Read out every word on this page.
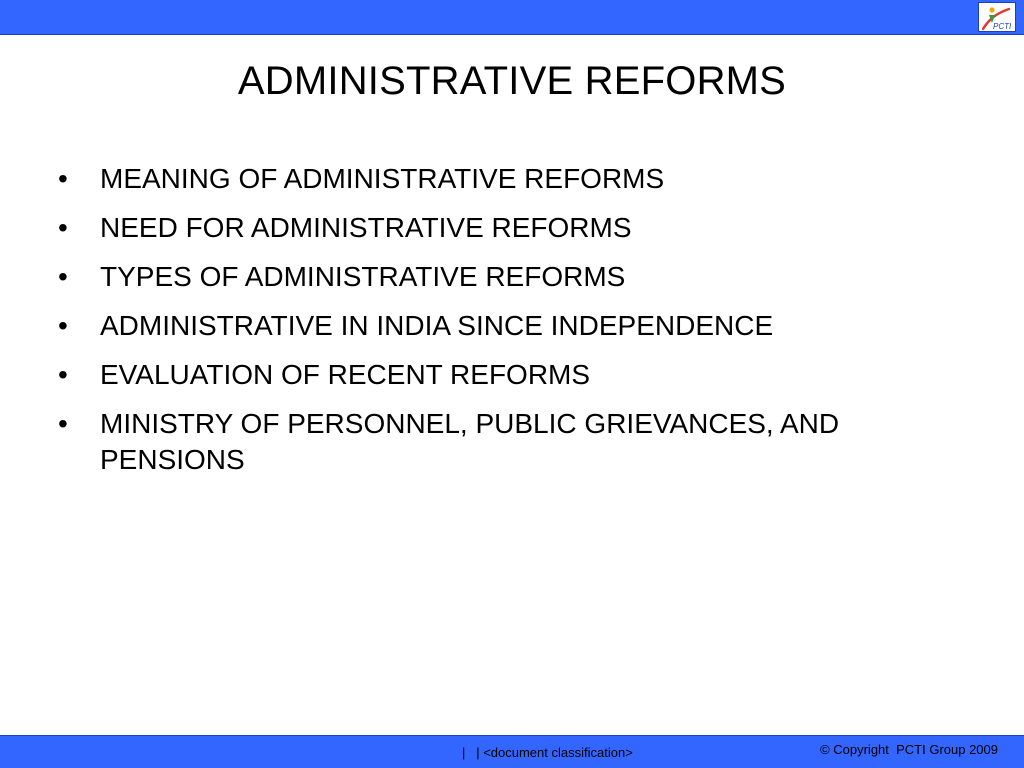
PCTI
ADMINISTRATIVE REFORMS
•	MEANING OF ADMINISTRATIVE REFORMS
•	NEED FOR ADMINISTRATIVE REFORMS
•	TYPES OF ADMINISTRATIVE REFORMS
•	ADMINISTRATIVE IN INDIA SINCE INDEPENDENCE
•	EVALUATION OF RECENT REFORMS
•	MINISTRY OF PERSONNEL, PUBLIC GRIEVANCES, AND PENSIONS
|   | <document classification>	© Copyright  PCTI Group 2009
